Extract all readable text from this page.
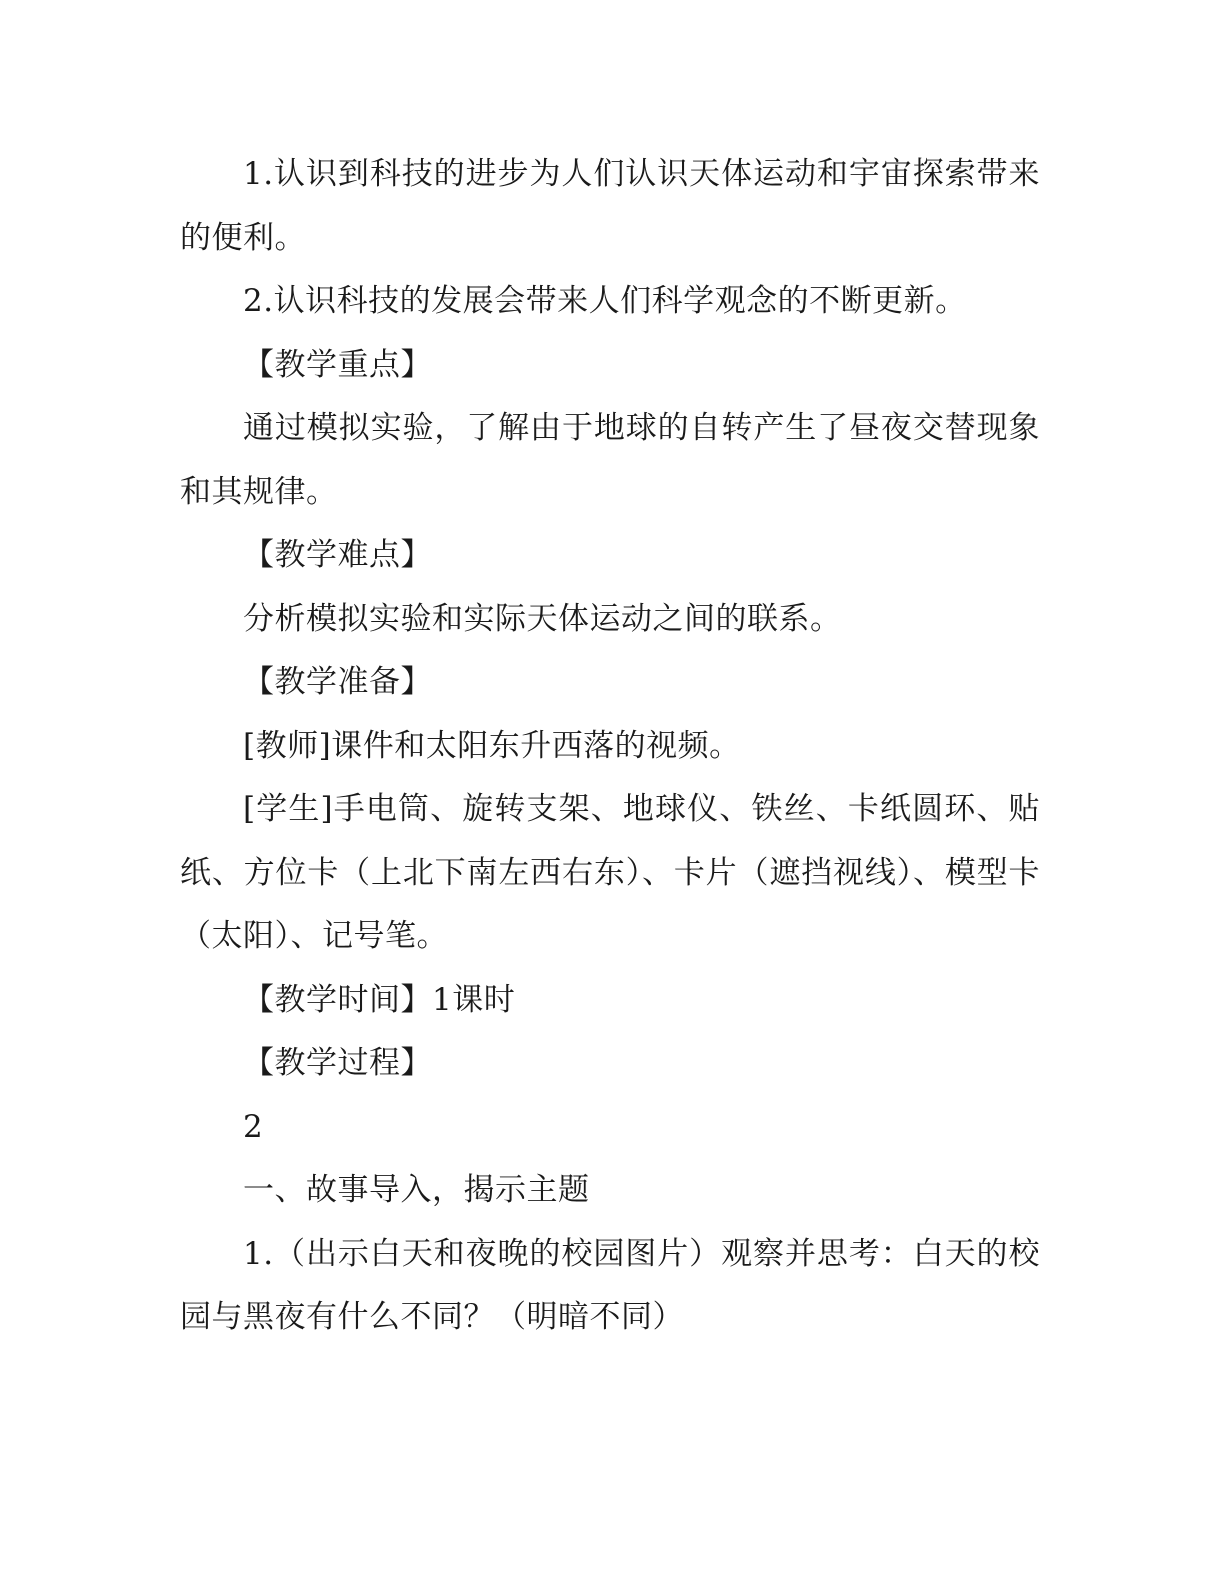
1.认识到科技的进步为人们认识天体运动和宇宙探索带来的便利。

2.认识科技的发展会带来人们科学观念的不断更新。

【教学重点】

通过模拟实验，了解由于地球的自转产生了昼夜交替现象和其规律。

【教学难点】

分析模拟实验和实际天体运动之间的联系。

【教学准备】

[教师]课件和太阳东升西落的视频。

[学生]手电筒、旋转支架、地球仪、铁丝、卡纸圆环、贴纸、方位卡（上北下南左西右东）、卡片（遮挡视线）、模型卡（太阳）、记号笔。

【教学时间】1课时

【教学过程】

2

一、故事导入，揭示主题

1.（出示白天和夜晚的校园图片）观察并思考：白天的校园与黑夜有什么不同？（明暗不同）
